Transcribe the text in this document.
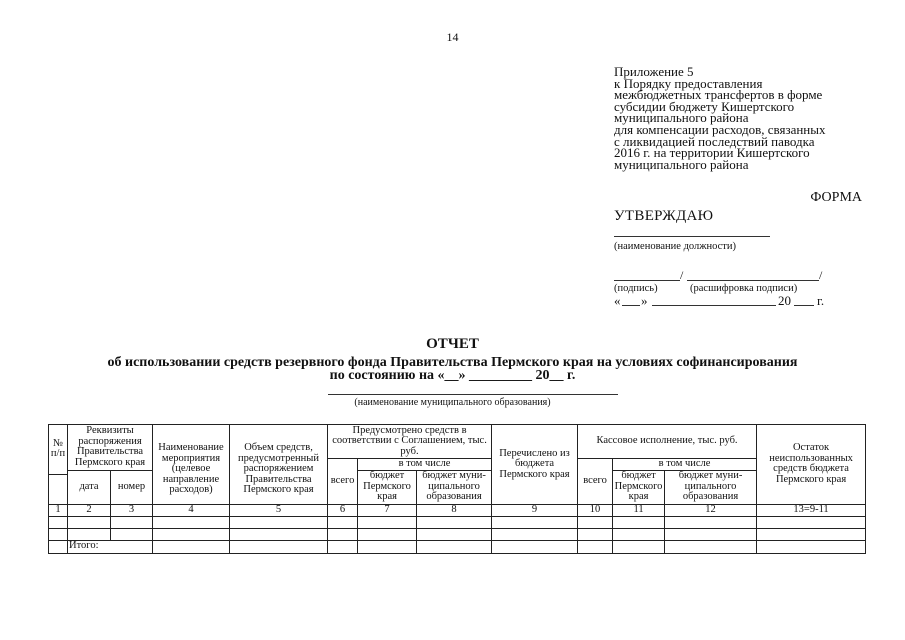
14
Приложение 5
к Порядку предоставления
межбюджетных трансфертов в форме
субсидии бюджету Кишертского
муниципального района
для компенсации расходов, связанных
с ликвидацией последствий паводка
2016 г. на территории Кишертского
муниципального района
ФОРМА
УТВЕРЖДАЮ
(наименование должности)
/	/
(подпись)	(расшифровка подписи)
« »	20 г.
ОТЧЕТ
об использовании средств резервного фонда Правительства Пермского края на условиях софинансирования
по состоянию на «__» _________ 20__ г.
(наименование муниципального образования)
№ п/п	Реквизиты распоряжения Правительства Пермского края		Наименование мероприятия (целевое направление расходов)	Объем средств, предусмотренный распоряжением Правительства Пермского края	Предусмотрено средств в соответствии с Соглашением, тыс. руб.			Перечислено из бюджета Пермского края	Кассовое исполнение, тыс. руб.			Остаток неиспользованных средств бюджета Пермского края
					всего	в том числе			всего	в том числе		
	дата	номер				бюджет Пермского края	бюджет муни-ципального образования			бюджет Пермского края	бюджет муни-ципального образования	

1	2	3	4	5	6	7	8	9	10	11	12	13=9-11

	Итого:											
